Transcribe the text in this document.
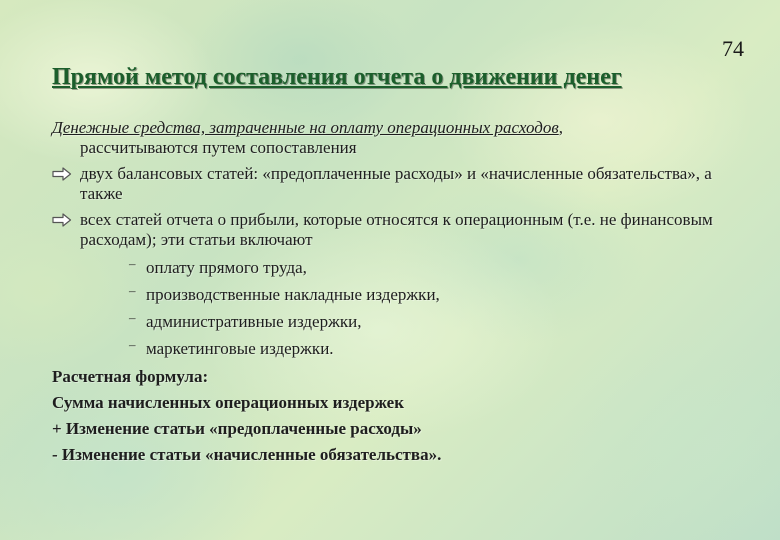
74
Прямой метод составления отчета о движении денег

Денежные средства, затраченные на оплату операционных расходов,
рассчитываются путем сопоставления

двух балансовых статей: «предоплаченные расходы» и «начисленные обязательства», а также
всех статей отчета о прибыли, которые относятся к операционным (т.е. не финансовым расходам); эти статьи включают
– оплату прямого труда,
– производственные накладные издержки,
– административные издержки,
– маркетинговые издержки.
Расчетная формула:
Сумма начисленных операционных издержек
+ Изменение статьи «предоплаченные расходы»
- Изменение статьи «начисленные обязательства».
